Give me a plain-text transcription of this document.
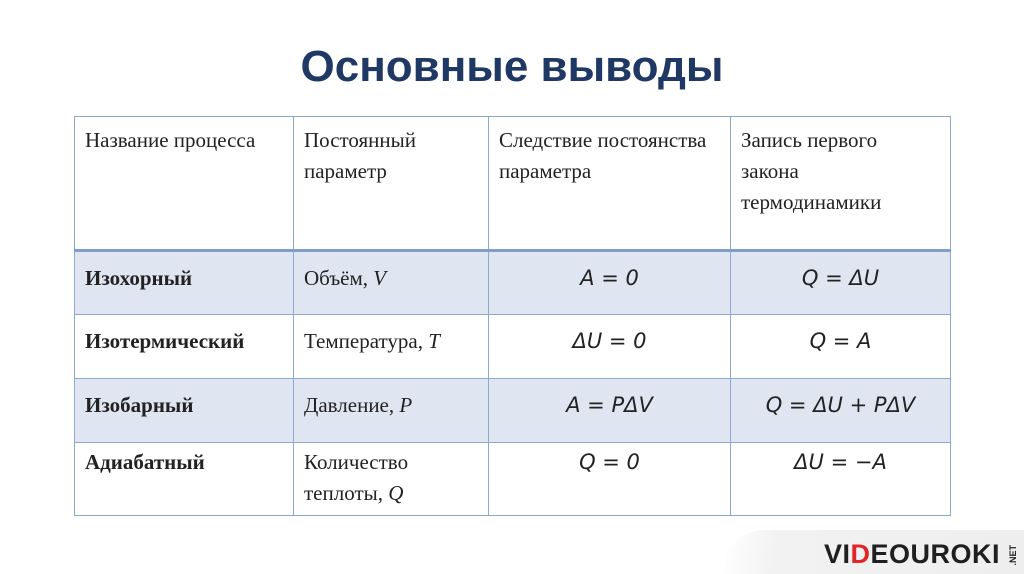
Основные выводы
Название процесса	Постоянный параметр	Следствие постоянства параметра	Запись первого закона термодинамики
Изохорный	Объём, V	A = 0	Q = ΔU
Изотермический	Температура, T	ΔU = 0	Q = A
Изобарный	Давление, P	A = PΔV	Q = ΔU + PΔV
Адиабатный	Количество теплоты, Q	Q = 0	ΔU = −A
VIDEOUROKI .NET
